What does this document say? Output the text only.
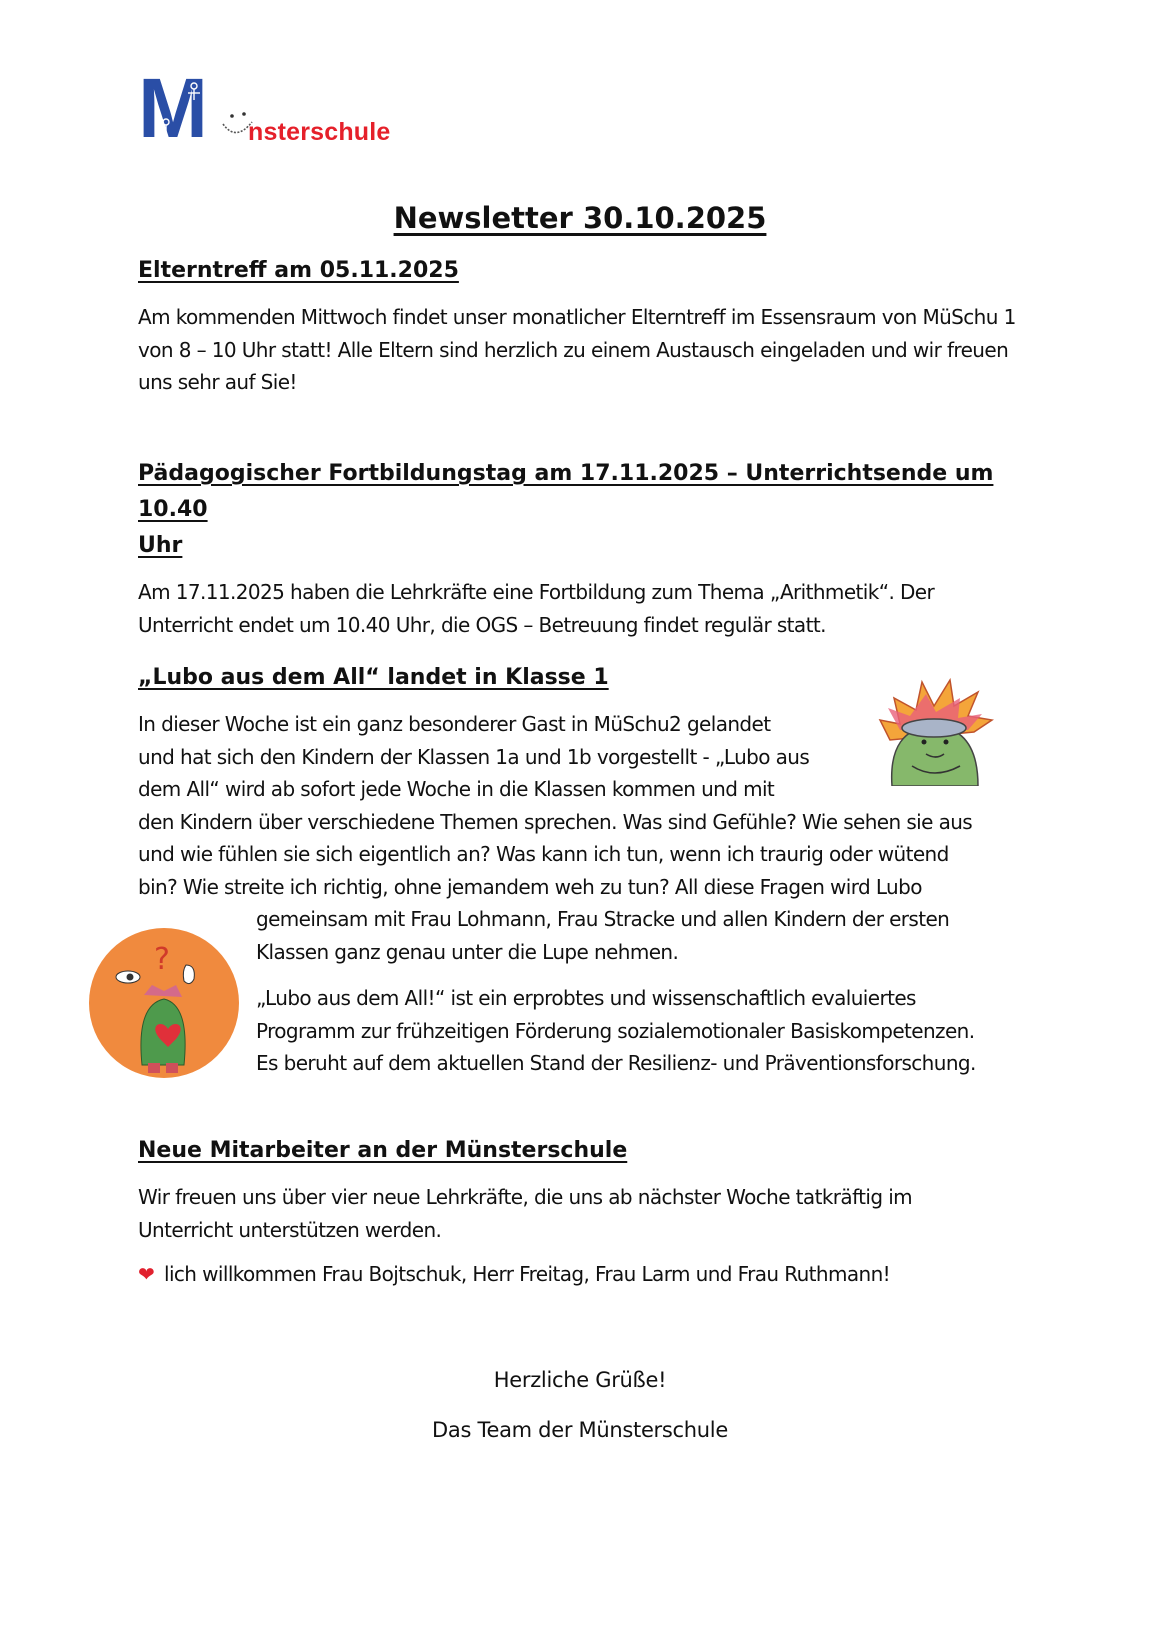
M nsterschule
Newsletter 30.10.2025
Elterntreff am 05.11.2025

Am kommenden Mittwoch findet unser monatlicher Elterntreff im Essensraum von MüSchu 1 von 8 – 10 Uhr statt! Alle Eltern sind herzlich zu einem Austausch eingeladen und wir freuen uns sehr auf Sie!

Pädagogischer Fortbildungstag am 17.11.2025 – Unterrichtsende um 10.40
Uhr

Am 17.11.2025 haben die Lehrkräfte eine Fortbildung zum Thema „Arithmetik“. Der Unterricht endet um 10.40 Uhr, die OGS – Betreuung findet regulär statt.

„Lubo aus dem All“ landet in Klasse 1

In dieser Woche ist ein ganz besonderer Gast in MüSchu2 gelandet

und hat sich den Kindern der Klassen 1a und 1b vorgestellt - „Lubo aus

dem All“ wird ab sofort jede Woche in die Klassen kommen und mit

den Kindern über verschiedene Themen sprechen. Was sind Gefühle? Wie sehen sie aus

und wie fühlen sie sich eigentlich an? Was kann ich tun, wenn ich traurig oder wütend

bin? Wie streite ich richtig, ohne jemandem weh zu tun? All diese Fragen wird Lubo

gemeinsam mit Frau Lohmann, Frau Stracke und allen Kindern der ersten

Klassen ganz genau unter die Lupe nehmen.

„Lubo aus dem All!“ ist ein erprobtes und wissenschaftlich evaluiertes

Programm zur frühzeitigen Förderung sozialemotionaler Basiskompetenzen.

Es beruht auf dem aktuellen Stand der Resilienz- und Präventionsforschung.

?
Neue Mitarbeiter an der Münsterschule

Wir freuen uns über vier neue Lehrkräfte, die uns ab nächster Woche tatkräftig im Unterricht unterstützen werden.

❤ lich willkommen Frau Bojtschuk, Herr Freitag, Frau Larm und Frau Ruthmann!

Herzliche Grüße!
Das Team der Münsterschule
